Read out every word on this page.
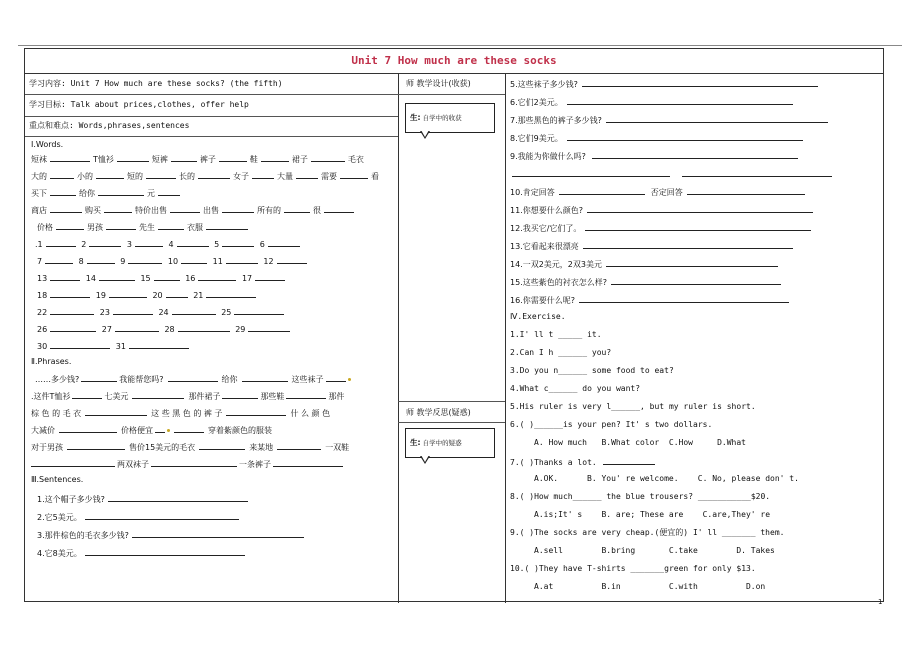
Unit 7 How much are these socks
学习内容: Unit 7 How much are these socks? (the fifth)
学习目标: Talk about prices,clothes, offer help
重点和难点: Words,phrases,sentences
Ⅰ.Words.
短袜	T恤衫	短裤	裤子	鞋	裙子	毛衣
大的	小的	短的	长的	女子	大量	需要	看
买下	给你	元
商店	购买	特价出售	出售	所有的	很
价格	男孩	先生	衣服
.1	2	3	4	5	6
7	8	9	10	11	12
13	14	15	16	17
18	19	20	21
22	23	24	25
26	27	28	29
30	31
Ⅱ.Phrases.
……多少钱?	我能帮您吗?	给你	这些袜子
.这件T恤衫	七美元	那件裙子	那些鞋	那件
棕 色 的 毛 衣	这 些 黑 色 的 裤 子	什 么 颜 色
大减价	价格便宜	穿着紫颜色的服装
对于男孩	售价15美元的毛衣	来某地	一双鞋
两双袜子	一条裤子
Ⅲ.Sentences.
1.这个帽子多少钱?
2.它5美元。
3.那件棕色的毛衣多少钱?
4.它8美元。
师 教学设计(收获)
生: 自学中的收获
师 教学反思(疑惑)
生: 自学中的疑惑
5.这些袜子多少钱?
6.它们2美元。
7.那些黑色的裤子多少钱?
8.它们9美元。
9.我能为你做什么吗?
10.肯定回答	否定回答
11.你想要什么颜色?
12.我买它/它们了。
13.它看起来很漂亮
14.一双2美元，2双3美元
15.这些紫色的衬衣怎么样?
16.你需要什么呢?
Ⅳ.Exercise.
1.I' ll t _____ it.
2.Can I h ______ you?
3.Do you n______ some food to eat?
4.What c______ do you want?
5.His ruler is very l______, but my ruler is short.
6.( )______is your pen? It' s two dollars.
A. How much B.What color C.How	D.What
7.( )Thanks a lot.
A.OK.	B. You' re welcome. C. No, please don' t.
8.( )How much______ the blue trousers? ___________$20.
A.is;It' s B. are; These are C.are,They' re
9.( )The socks are very cheap.(便宜的) I' ll _______ them.
A.sell	B.bring	C.take	D. Takes
10.( )They have T-shirts _______green for only $13.
A.at	B.in	C.with	D.on
1
